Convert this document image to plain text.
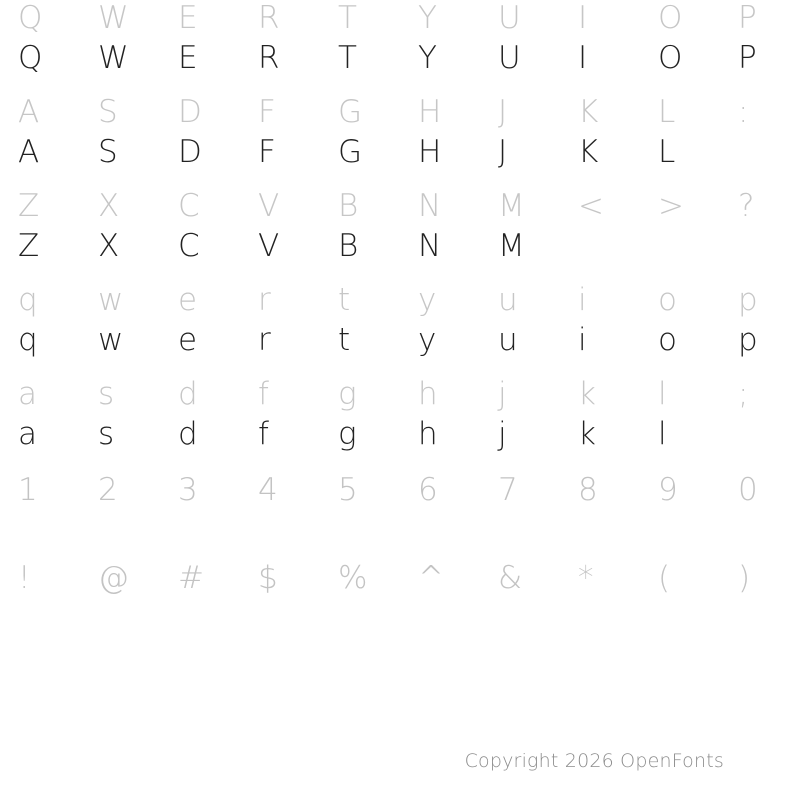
Q	W	E	R	T	Y	U	I	O	P
Q	W	E	R	T	Y	U	I	O	P
A	S	D	F	G	H	J	K	L	:
A	S	D	F	G	H	J	K	L
Z	X	C	V	B	N	M	<	>	?
Z	X	C	V	B	N	M
q	w	e	r	t	y	u	i	o	p
q	w	e	r	t	y	u	i	o	p
a	s	d	f	g	h	j	k	l	;
a	s	d	f	g	h	j	k	l
1	2	3	4	5	6	7	8	9	0
!	@	#	$	%	^	&	*	(	)
Copyright 2026 OpenFonts
